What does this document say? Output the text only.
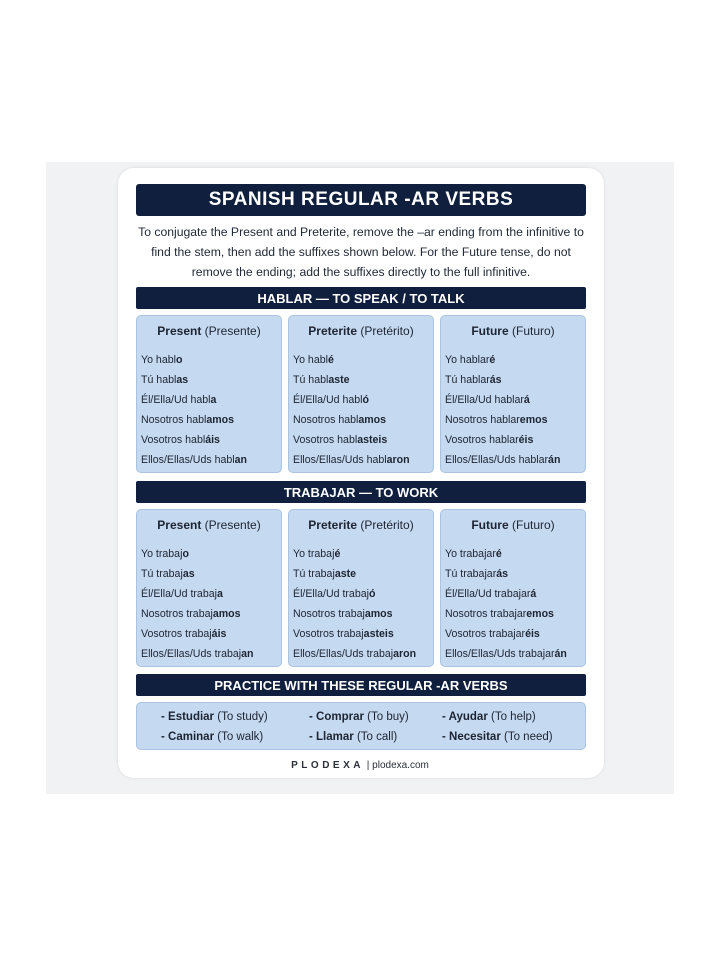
SPANISH REGULAR -AR VERBS

To conjugate the Present and Preterite, remove the –ar ending from the infinitive to find the stem, then add the suffixes shown below. For the Future tense, do not remove the ending; add the suffixes directly to the full infinitive.

HABLAR — TO SPEAK / TO TALK
Present (Presente)
Yo hablo
Tú hablas
Él/Ella/Ud habla
Nosotros hablamos
Vosotros habláis
Ellos/Ellas/Uds hablan
Preterite (Pretérito)
Yo hablé
Tú hablaste
Él/Ella/Ud habló
Nosotros hablamos
Vosotros hablasteis
Ellos/Ellas/Uds hablaron
Future (Futuro)
Yo hablaré
Tú hablarás
Él/Ella/Ud hablará
Nosotros hablaremos
Vosotros hablaréis
Ellos/Ellas/Uds hablarán
TRABAJAR — TO WORK
Present (Presente)
Yo trabajo
Tú trabajas
Él/Ella/Ud trabaja
Nosotros trabajamos
Vosotros trabajáis
Ellos/Ellas/Uds trabajan
Preterite (Pretérito)
Yo trabajé
Tú trabajaste
Él/Ella/Ud trabajó
Nosotros trabajamos
Vosotros trabajasteis
Ellos/Ellas/Uds trabajaron
Future (Futuro)
Yo trabajaré
Tú trabajarás
Él/Ella/Ud trabajará
Nosotros trabajaremos
Vosotros trabajaréis
Ellos/Ellas/Uds trabajarán
PRACTICE WITH THESE REGULAR -AR VERBS
- Estudiar (To study)	- Comprar (To buy)	- Ayudar (To help)
- Caminar (To walk)	- Llamar (To call)	- Necesitar (To need)
PLODEXA | plodexa.com
